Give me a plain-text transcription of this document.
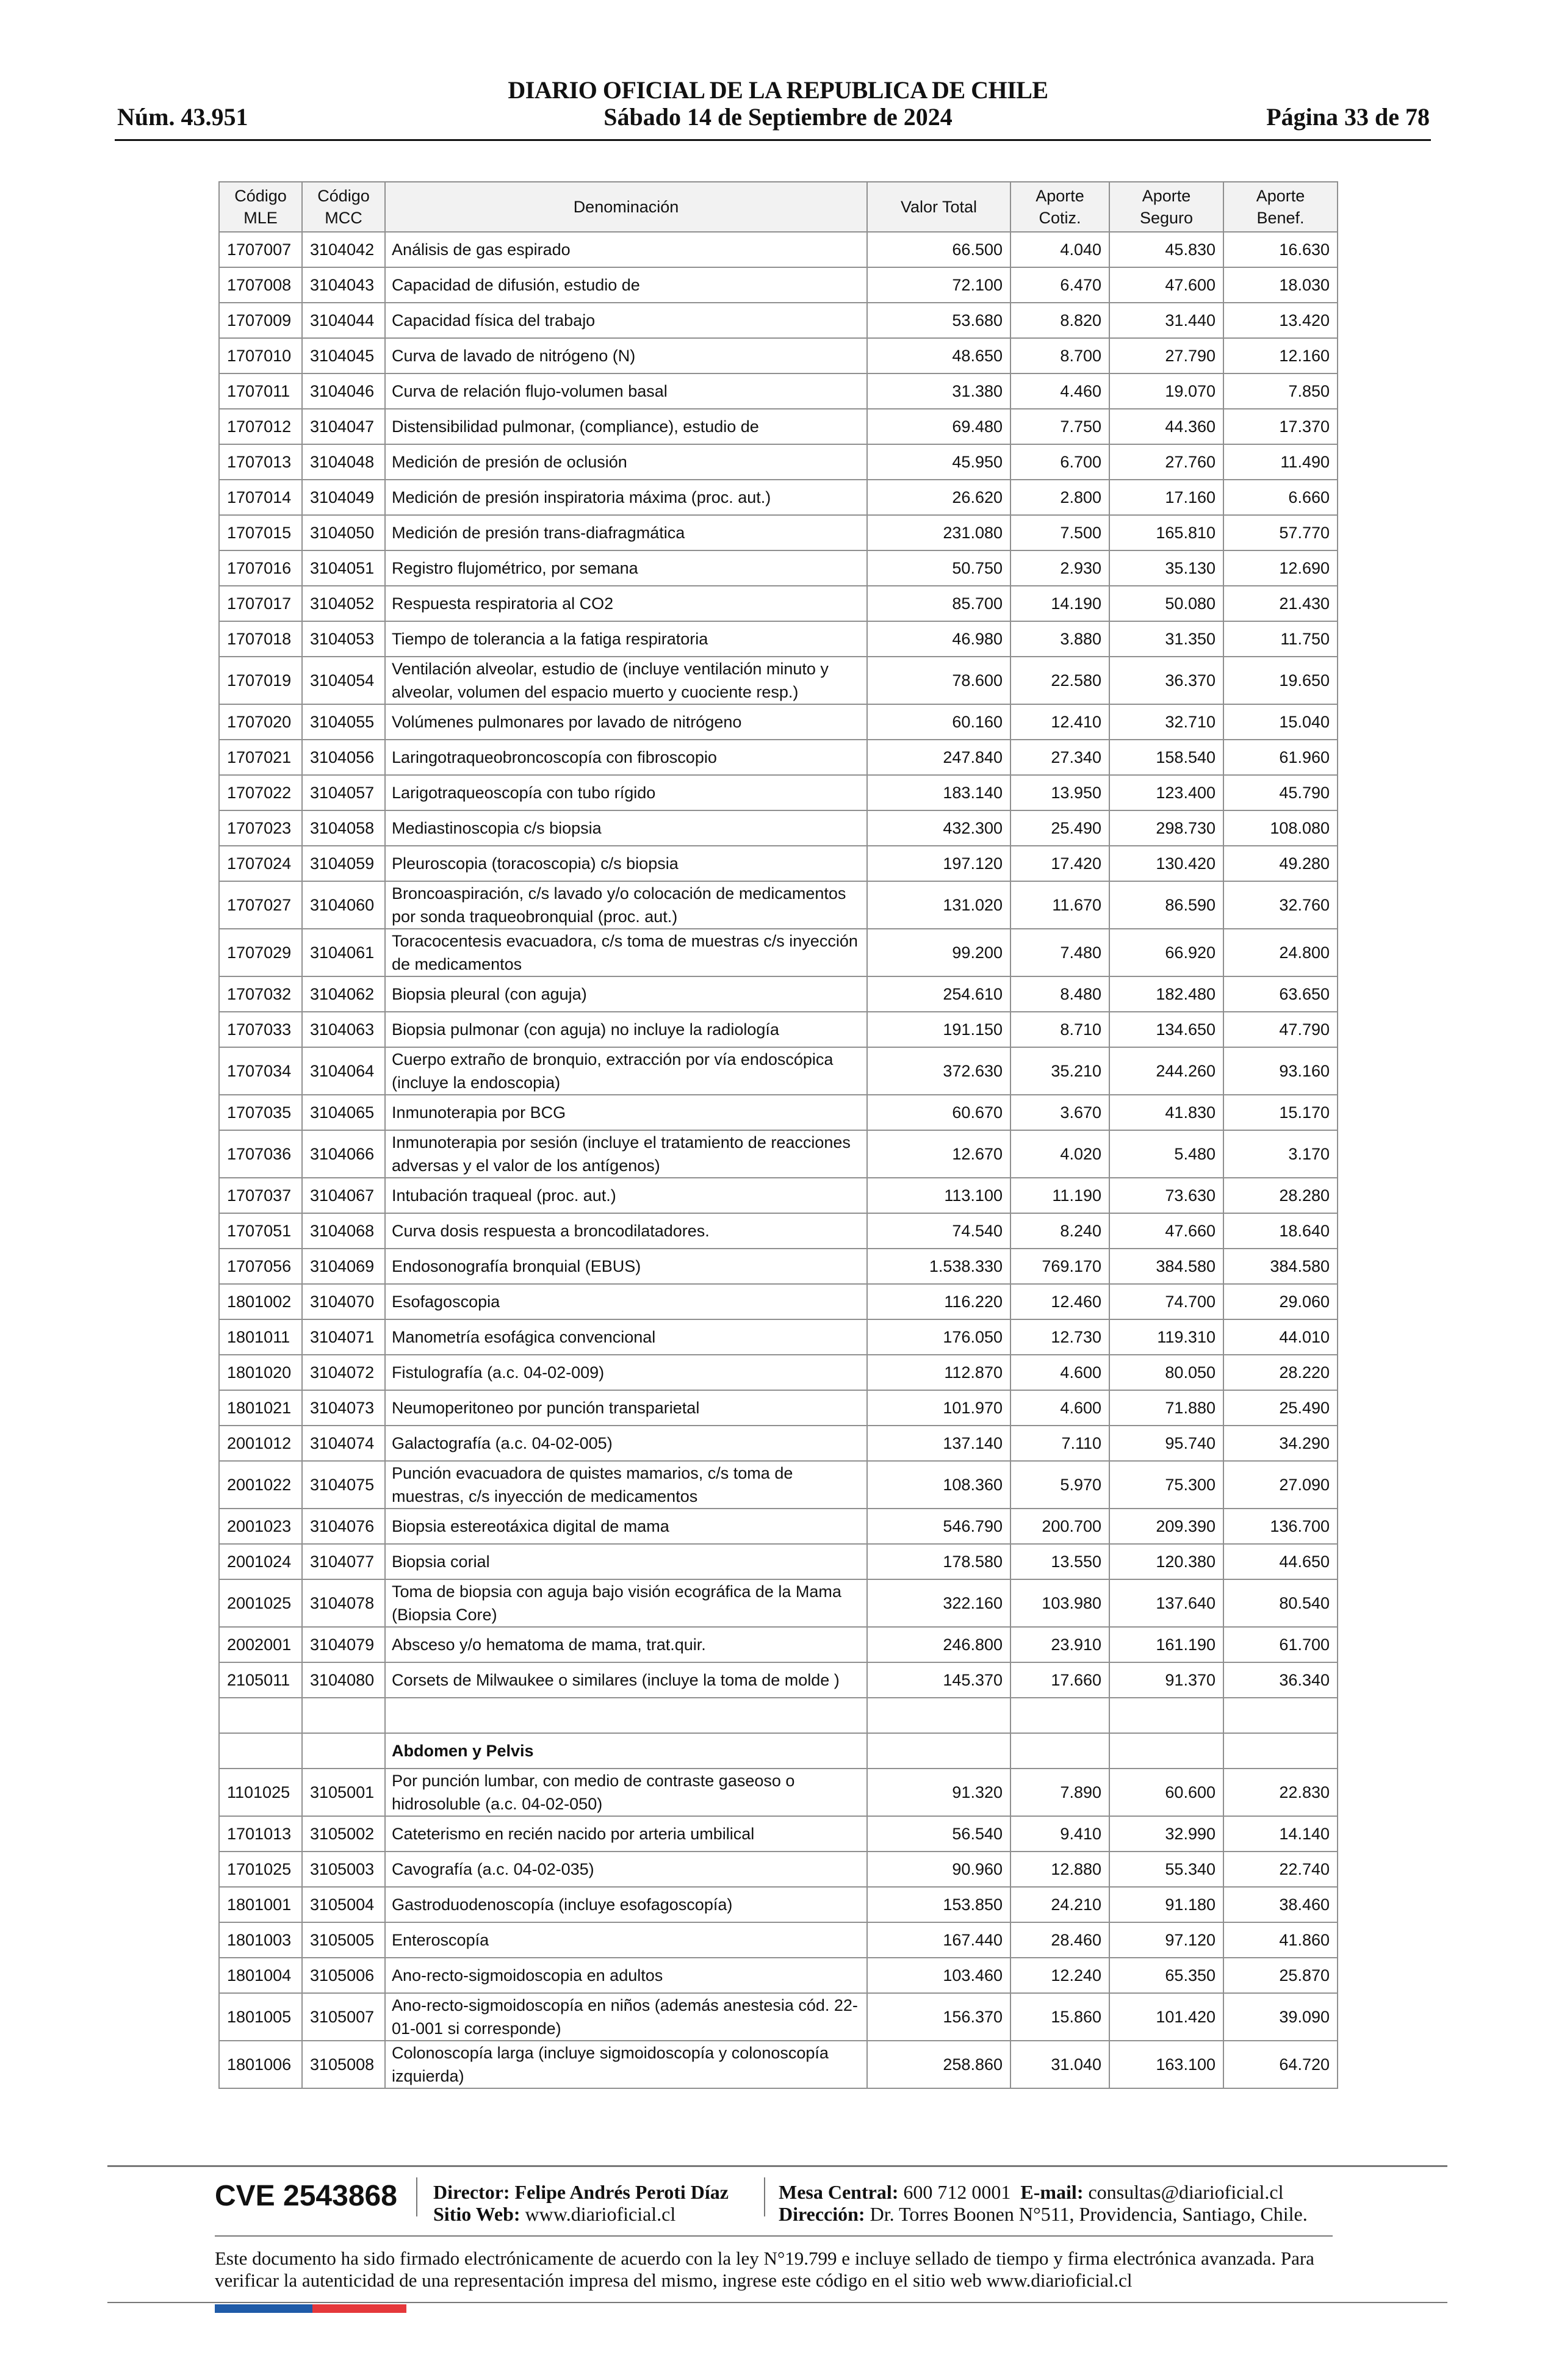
Núm. 43.951
DIARIO OFICIAL DE LA REPUBLICA DE CHILE
Sábado 14 de Septiembre de 2024	Página 33 de 78
Código MLE	Código MCC	Denominación	Valor Total	Aporte Cotiz.	Aporte Seguro	Aporte Benef.
1707007	3104042	Análisis de gas espirado	66.500	4.040	45.830	16.630
1707008	3104043	Capacidad de difusión, estudio de	72.100	6.470	47.600	18.030
1707009	3104044	Capacidad física del trabajo	53.680	8.820	31.440	13.420
1707010	3104045	Curva de lavado de nitrógeno (N)	48.650	8.700	27.790	12.160
1707011	3104046	Curva de relación flujo-volumen basal	31.380	4.460	19.070	7.850
1707012	3104047	Distensibilidad pulmonar, (compliance), estudio de	69.480	7.750	44.360	17.370
1707013	3104048	Medición de presión de oclusión	45.950	6.700	27.760	11.490
1707014	3104049	Medición de presión inspiratoria máxima (proc. aut.)	26.620	2.800	17.160	6.660
1707015	3104050	Medición de presión trans-diafragmática	231.080	7.500	165.810	57.770
1707016	3104051	Registro flujométrico, por semana	50.750	2.930	35.130	12.690
1707017	3104052	Respuesta respiratoria al CO2	85.700	14.190	50.080	21.430
1707018	3104053	Tiempo de tolerancia a la fatiga respiratoria	46.980	3.880	31.350	11.750
1707019	3104054	Ventilación alveolar, estudio de (incluye ventilación minuto y alveolar, volumen del espacio muerto y cuociente resp.)	78.600	22.580	36.370	19.650
1707020	3104055	Volúmenes pulmonares por lavado de nitrógeno	60.160	12.410	32.710	15.040
1707021	3104056	Laringotraqueobroncoscopía con fibroscopio	247.840	27.340	158.540	61.960
1707022	3104057	Larigotraqueoscopía con tubo rígido	183.140	13.950	123.400	45.790
1707023	3104058	Mediastinoscopia c/s biopsia	432.300	25.490	298.730	108.080
1707024	3104059	Pleuroscopia (toracoscopia) c/s biopsia	197.120	17.420	130.420	49.280
1707027	3104060	Broncoaspiración, c/s lavado y/o colocación de medicamentos por sonda traqueobronquial (proc. aut.)	131.020	11.670	86.590	32.760
1707029	3104061	Toracocentesis evacuadora, c/s toma de muestras c/s inyección de medicamentos	99.200	7.480	66.920	24.800
1707032	3104062	Biopsia pleural (con aguja)	254.610	8.480	182.480	63.650
1707033	3104063	Biopsia pulmonar (con aguja) no incluye la radiología	191.150	8.710	134.650	47.790
1707034	3104064	Cuerpo extraño de bronquio, extracción por vía endoscópica (incluye la endoscopia)	372.630	35.210	244.260	93.160
1707035	3104065	Inmunoterapia por BCG	60.670	3.670	41.830	15.170
1707036	3104066	Inmunoterapia por sesión (incluye el tratamiento de reacciones adversas y el valor de los antígenos)	12.670	4.020	5.480	3.170
1707037	3104067	Intubación traqueal (proc. aut.)	113.100	11.190	73.630	28.280
1707051	3104068	Curva dosis respuesta a broncodilatadores.	74.540	8.240	47.660	18.640
1707056	3104069	Endosonografía bronquial (EBUS)	1.538.330	769.170	384.580	384.580
1801002	3104070	Esofagoscopia	116.220	12.460	74.700	29.060
1801011	3104071	Manometría esofágica convencional	176.050	12.730	119.310	44.010
1801020	3104072	Fistulografía (a.c. 04-02-009)	112.870	4.600	80.050	28.220
1801021	3104073	Neumoperitoneo por punción transparietal	101.970	4.600	71.880	25.490
2001012	3104074	Galactografía (a.c. 04-02-005)	137.140	7.110	95.740	34.290
2001022	3104075	Punción evacuadora de quistes mamarios, c/s toma de muestras, c/s inyección de medicamentos	108.360	5.970	75.300	27.090
2001023	3104076	Biopsia estereotáxica digital de mama	546.790	200.700	209.390	136.700
2001024	3104077	Biopsia corial	178.580	13.550	120.380	44.650
2001025	3104078	Toma de biopsia con aguja bajo visión ecográfica de la Mama (Biopsia Core)	322.160	103.980	137.640	80.540
2002001	3104079	Absceso y/o hematoma de mama, trat.quir.	246.800	23.910	161.190	61.700
2105011	3104080	Corsets de Milwaukee o similares (incluye la toma de molde )	145.370	17.660	91.370	36.340

		Abdomen y Pelvis				
1101025	3105001	Por punción lumbar, con medio de contraste gaseoso o hidrosoluble (a.c. 04-02-050)	91.320	7.890	60.600	22.830
1701013	3105002	Cateterismo en recién nacido por arteria umbilical	56.540	9.410	32.990	14.140
1701025	3105003	Cavografía (a.c. 04-02-035)	90.960	12.880	55.340	22.740
1801001	3105004	Gastroduodenoscopía (incluye esofagoscopía)	153.850	24.210	91.180	38.460
1801003	3105005	Enteroscopía	167.440	28.460	97.120	41.860
1801004	3105006	Ano-recto-sigmoidoscopia en adultos	103.460	12.240	65.350	25.870
1801005	3105007	Ano-recto-sigmoidoscopía en niños (además anestesia cód. 22-01-001 si corresponde)	156.370	15.860	101.420	39.090
1801006	3105008	Colonoscopía larga (incluye sigmoidoscopía y colonoscopía izquierda)	258.860	31.040	163.100	64.720
CVE 2543868 Director: Felipe Andrés Peroti Díaz
Sitio Web: www.diarioficial.cl
Mesa Central: 600 712 0001 E-mail: consultas@diarioficial.cl
Dirección: Dr. Torres Boonen N°511, Providencia, Santiago, Chile.
Este documento ha sido firmado electrónicamente de acuerdo con la ley N°19.799 e incluye sellado de tiempo y firma electrónica avanzada. Para verificar la autenticidad de una representación impresa del mismo, ingrese este código en el sitio web www.diarioficial.cl
